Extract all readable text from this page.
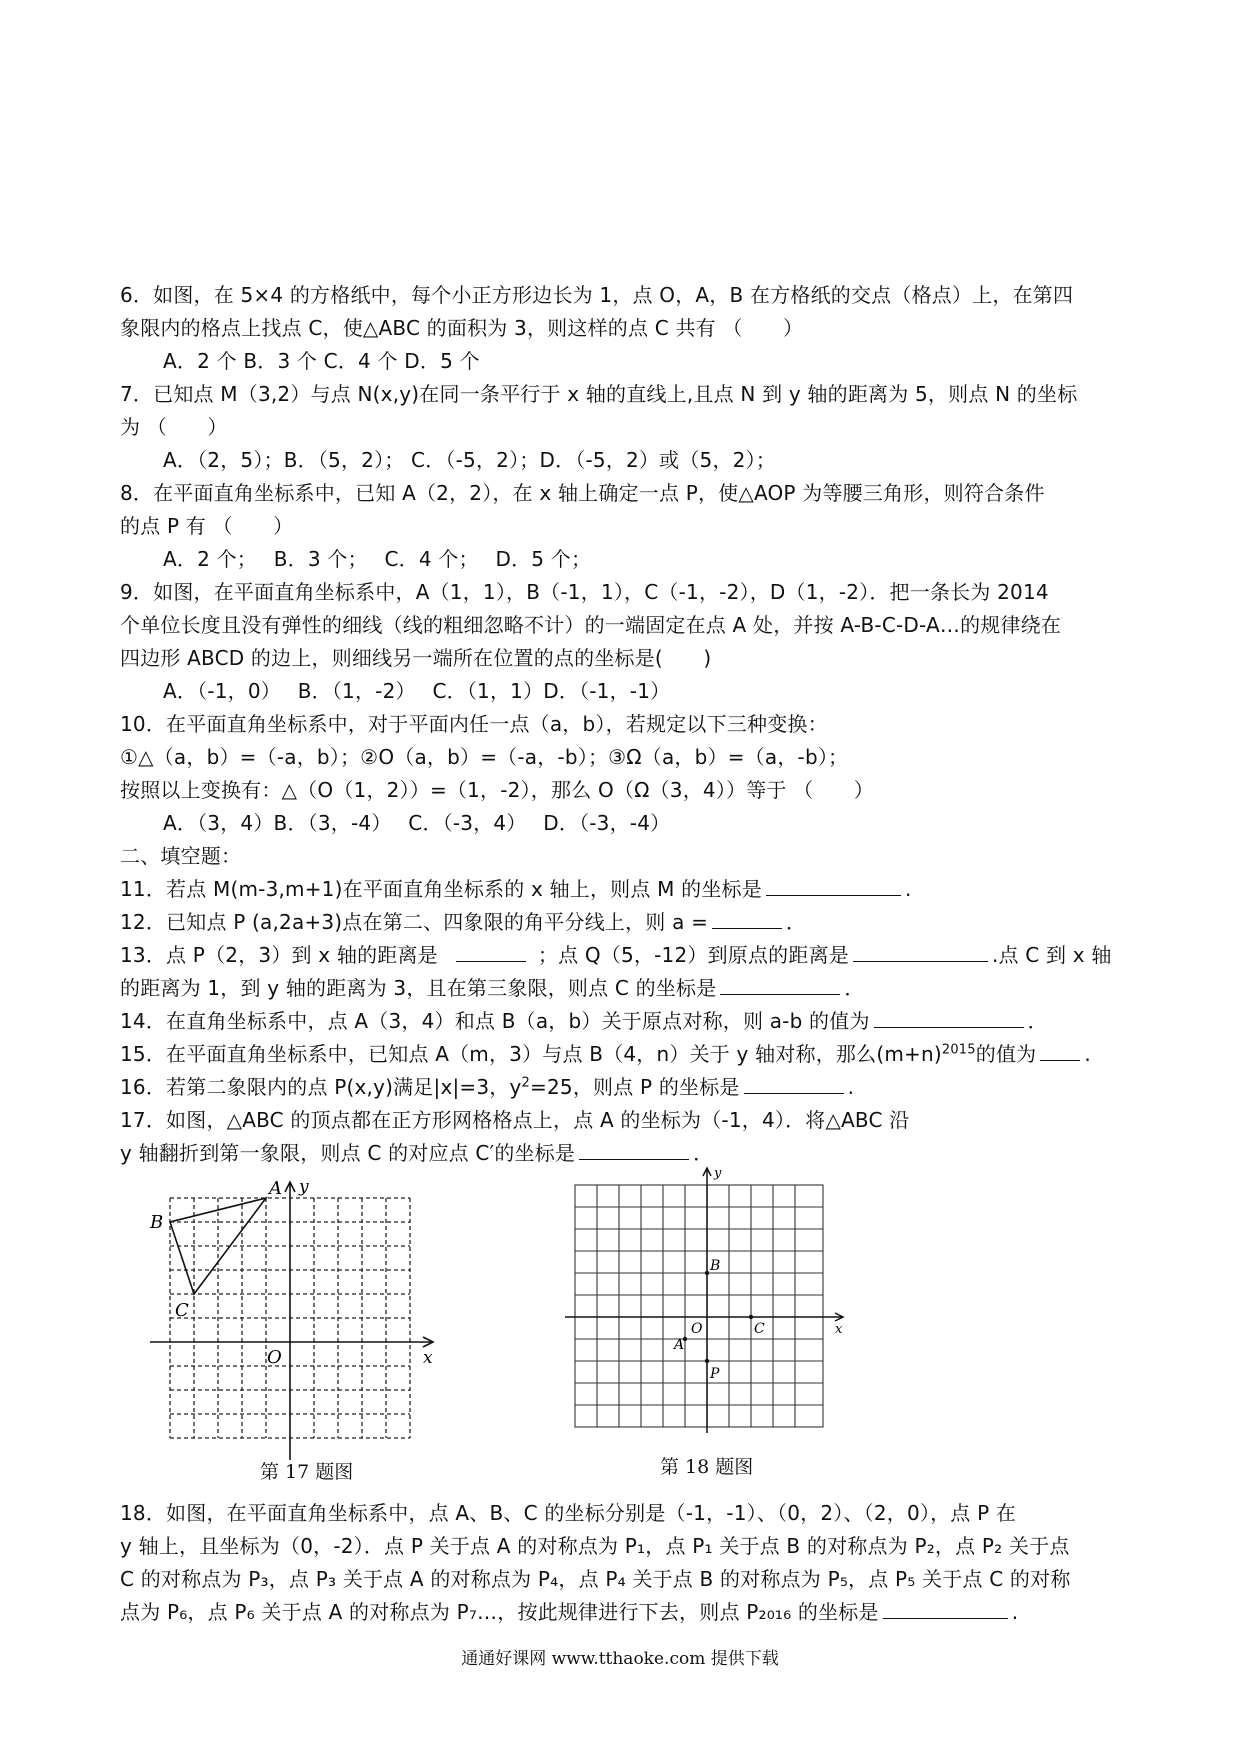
6．如图，在 5×4 的方格纸中，每个小正方形边长为 1，点 O，A，B 在方格纸的交点（格点）上，在第四
象限内的格点上找点 C，使△ABC 的面积为 3，则这样的点 C 共有 （　　）
A．2 个 B．3 个 C．4 个 D．5 个
7．已知点 M（3,2）与点 N(x,y)在同一条平行于 x 轴的直线上,且点 N 到 y 轴的距离为 5，则点 N 的坐标
为 （　　）
A．（2，5）；B．（5，2）； C．（-5，2）；D．（-5，2）或（5，2）；
8．在平面直角坐标系中，已知 A（2，2），在 x 轴上确定一点 P，使△AOP 为等腰三角形，则符合条件
的点 P 有 （　　）
A．2 个；　 B．3 个；　 C．4 个；　 D．5 个；
9．如图，在平面直角坐标系中，A（1，1），B（-1，1），C（-1，-2），D（1，-2）．把一条长为 2014
个单位长度且没有弹性的细线（线的粗细忽略不计）的一端固定在点 A 处，并按 A-B-C-D-A…的规律绕在
四边形 ABCD 的边上，则细线另一端所在位置的点的坐标是(　　)
A．（-1，0）　 B．（1，-2）　 C．（1，1）D．（-1，-1）
10．在平面直角坐标系中，对于平面内任一点（a，b），若规定以下三种变换：
①△（a，b）=（-a，b）；②O（a，b）=（-a，-b）；③Ω（a，b）=（a，-b）；
按照以上变换有：△（O（1，2））=（1，-2），那么 O（Ω（3，4））等于 （　　）
A．（3，4）B．（3，-4）　 C．（-3，4）　 D．（-3，-4）
二、填空题：
11．若点 M(m-3,m+1)在平面直角坐标系的 x 轴上，则点 M 的坐标是	.
12．已知点 P (a,2a+3)点在第二、四象限的角平分线上，则 a =	．
13．点 P（2，3）到 x 轴的距离是	；点 Q（5，-12）到原点的距离是	.点 C 到 x 轴
的距离为 1，到 y 轴的距离为 3，且在第三象限，则点 C 的坐标是	．
14．在直角坐标系中，点 A（3，4）和点 B（a，b）关于原点对称，则 a-b 的值为	．
15．在平面直角坐标系中，已知点 A（m，3）与点 B（4，n）关于 y 轴对称，那么$(m+n)^{2015}$的值为 .
16．若第二象限内的点 P(x,y)满足|x|=3，$y^2=25$，则点 P 的坐标是	.
17．如图，△ABC 的顶点都在正方形网格格点上，点 A 的坐标为（-1，4）．将△ABC 沿
y 轴翻折到第一象限，则点 C 的对应点 C′的坐标是	．
A
B
C
O	x
y
第 17 题图
B
C
A
P
O	x
y
第 18 题图
18．如图，在平面直角坐标系中，点 A、B、C 的坐标分别是（-1，-1）、（0，2）、（2，0），点 P 在
y 轴上，且坐标为（0，-2）．点 P 关于点 A 的对称点为 P₁，点 P₁ 关于点 B 的对称点为 P₂，点 P₂ 关于点
C 的对称点为 P₃，点 P₃ 关于点 A 的对称点为 P₄，点 P₄ 关于点 B 的对称点为 P₅，点 P₅ 关于点 C 的对称
点为 P₆，点 P₆ 关于点 A 的对称点为 P₇…，按此规律进行下去，则点 P₂₀₁₆ 的坐标是	.
通通好课网 www.tthaoke.com 提供下载
